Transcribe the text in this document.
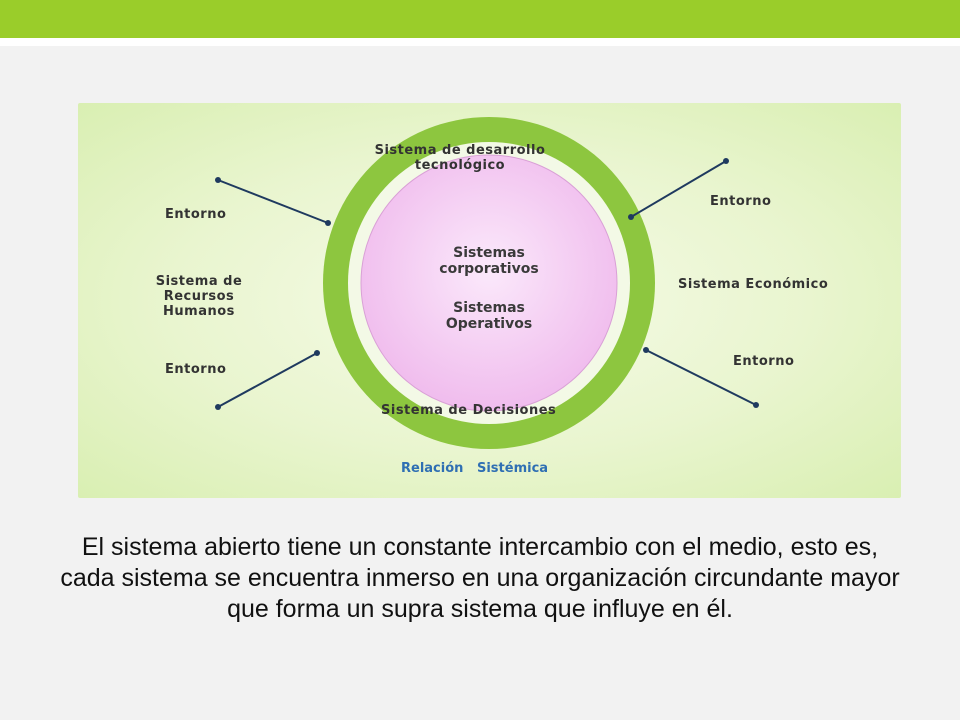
Sistema de desarrollo
tecnológico

Entorno

Entorno

Sistema de
Recursos
Humanos

Sistema Económico

Entorno

Entorno

Sistema de Decisiones

Sistemas
corporativos

Sistemas
Operativos

Relación   Sistémica

El sistema abierto tiene un constante intercambio con el medio, esto es, cada sistema se encuentra inmerso en una organización circundante mayor que forma un supra sistema que influye en él.
